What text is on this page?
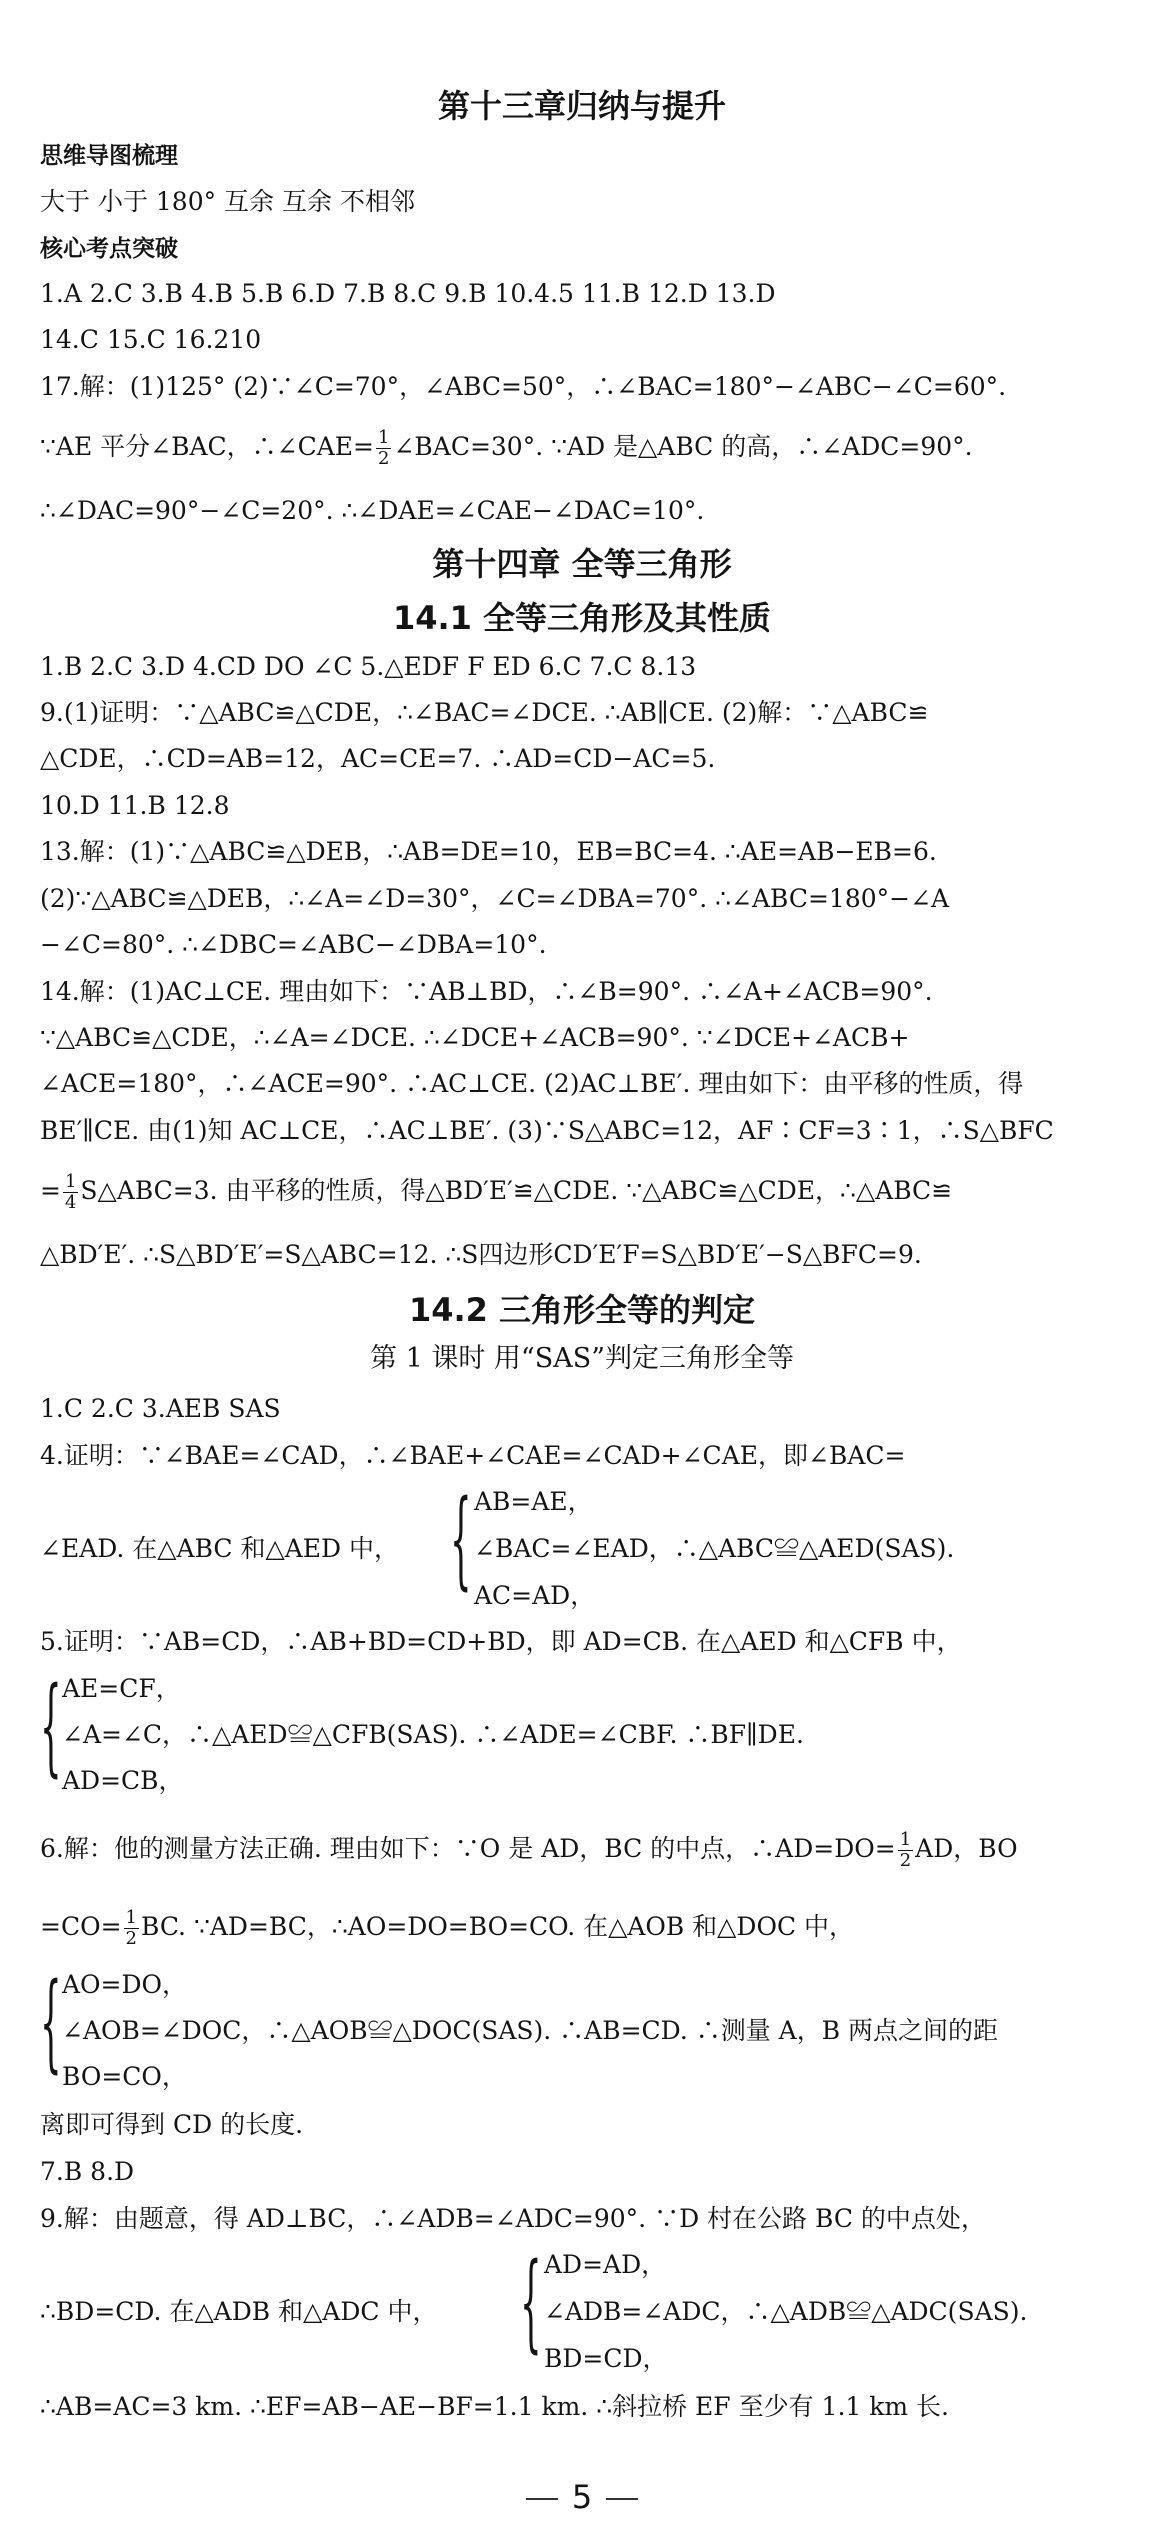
第十三章归纳与提升
思维导图梳理
大于 小于 180° 互余 互余 不相邻
核心考点突破
1.A 2.C 3.B 4.B 5.B 6.D 7.B 8.C 9.B 10.4.5 11.B 12.D 13.D
14.C 15.C 16.210
17.解：(1)125° (2)∵∠C=70°，∠ABC=50°，∴∠BAC=180°−∠ABC−∠C=60°.
∵AE 平分∠BAC，∴∠CAE= $\frac{1}{2}$ ∠BAC=30°. ∵AD 是△ABC 的高，∴∠ADC=90°.
∴∠DAC=90°−∠C=20°. ∴∠DAE=∠CAE−∠DAC=10°.
第十四章 全等三角形
14.1 全等三角形及其性质
1.B 2.C 3.D 4.CD DO ∠C 5.△EDF F ED 6.C 7.C 8.13
9.(1)证明：∵△ABC≌△CDE，∴∠BAC=∠DCE. ∴AB∥CE. (2)解：∵△ABC≌
△CDE，∴CD=AB=12，AC=CE=7. ∴AD=CD−AC=5.
10.D 11.B 12.8
13.解：(1)∵△ABC≌△DEB，∴AB=DE=10，EB=BC=4. ∴AE=AB−EB=6.
(2)∵△ABC≌△DEB，∴∠A=∠D=30°，∠C=∠DBA=70°. ∴∠ABC=180°−∠A
−∠C=80°. ∴∠DBC=∠ABC−∠DBA=10°.
14.解：(1)AC⊥CE. 理由如下：∵AB⊥BD，∴∠B=90°. ∴∠A+∠ACB=90°.
∵△ABC≌△CDE，∴∠A=∠DCE. ∴∠DCE+∠ACB=90°. ∵∠DCE+∠ACB+
∠ACE=180°，∴∠ACE=90°. ∴AC⊥CE. (2)AC⊥BE′. 理由如下：由平移的性质，得
BE′∥CE. 由(1)知 AC⊥CE，∴AC⊥BE′. (3)∵S△ABC=12，AF∶CF=3∶1，∴S△BFC
= $\frac{1}{4}$ S△ABC=3. 由平移的性质，得△BD′E′≌△CDE. ∵△ABC≌△CDE，∴△ABC≌
△BD′E′. ∴S△BD′E′=S△ABC=12. ∴S四边形CD′E′F=S△BD′E′−S△BFC=9.
14.2 三角形全等的判定
第 1 课时 用“SAS”判定三角形全等
1.C 2.C 3.AEB SAS
4.证明：∵∠BAE=∠CAD，∴∠BAE+∠CAE=∠CAD+∠CAE，即∠BAC=
∠EAD. 在△ABC 和△AED 中，	{ AB=AE，
∠BAC=∠EAD，∴△ABC≌△AED(SAS).
AC=AD，
5.证明：∵AB=CD，∴AB+BD=CD+BD，即 AD=CB. 在△AED 和△CFB 中，
{ AE=CF，
∠A=∠C，∴△AED≌△CFB(SAS). ∴∠ADE=∠CBF. ∴BF∥DE.
AD=CB，
6.解：他的测量方法正确. 理由如下：∵O 是 AD，BC 的中点，∴AD=DO= $\frac{1}{2}$ AD，BO
$=CO= \frac{1}{2}$ BC. ∵AD=BC，∴AO=DO=BO=CO. 在△AOB 和△DOC 中，
{ AO=DO，
∠AOB=∠DOC，∴△AOB≌△DOC(SAS). ∴AB=CD. ∴测量 A，B 两点之间的距
BO=CO，
离即可得到 CD 的长度.
7.B 8.D
9.解：由题意，得 AD⊥BC，∴∠ADB=∠ADC=90°. ∵D 村在公路 BC 的中点处，
∴BD=CD. 在△ADB 和△ADC 中，	{ AD=AD，
∠ADB=∠ADC，∴△ADB≌△ADC(SAS).
BD=CD，
∴AB=AC=3 km. ∴EF=AB−AE−BF=1.1 km. ∴斜拉桥 EF 至少有 1.1 km 长.
5
